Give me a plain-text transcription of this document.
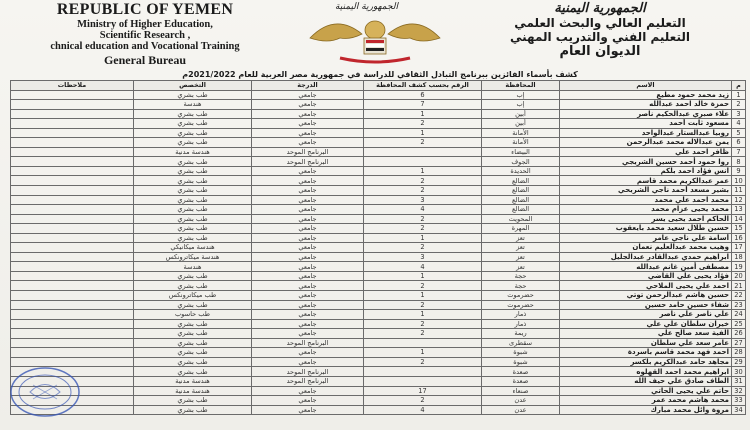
REPUBLIC OF YEMEN
Ministry of Higher Education,
Scientific Research ,
chnical education and Vocational Training
General Bureau
الجمهورية اليمنية	الجمهورية اليمنية
التعليم العالي والبحث العلمي
التعليم الفني والتدريب المهني
الديوان العام
كشف بأسماء الفائزين ببرنامج التبادل الثقافي للدراسة في جمهورية مصر العربية للعام 2021/2022م
م	الاسم	المحافظة	الرقم بحسب كشف المحافظة	الدرجة	التخصص	ملاحظات
1	زيد محمد حمود مطيع	إب	6	جامعي	طب بشري	
2	حمزة خالد احمد عبدالله	إب	7	جامعي	هندسة	
3	علاء صبري عبدالحكيم ناصر	أبين	1	جامعي	طب بشري	
4	مسعود ثابت أحمد	أبين	2	جامعي	طب بشري	
5	روبيا عبدالستار عبدالواحد	الأمانة	1	جامعي	طب بشري	
6	يمن عبدالاله محمد عبدالرحمن	الأمانة	2	جامعي	طب بشري	
7	ظافر احمد علي	البيضاء		البرنامج الموحد	هندسة مدنية	
8	روا حمود أحمد حسين الشريجي	الجوف		البرنامج الموحد	طب بشري	
9	انس فؤاد احمد بلكم	الحديدة	1	جامعي	طب بشري	
10	عمر عبدالكريم محمد قاسم	الضالع	2	جامعي	طب بشري	
11	بشير مسعد أحمد ناجي الشريحي	الضالع	2	جامعي	طب بشري	
12	محمد احمد علي محمد	الضالع	3	جامعي	طب بشري	
13	محمد يحيى عزام محمد	الضالع	4	جامعي	طب بشري	
14	الحاكم احمد يحيى يسر	المحويت	2	جامعي	طب بشري	
15	حسين طلال سعيد محمد بايعقوب	المهرة	2	جامعي	طب بشري	
16	أسامة علي ناجي عامر	تعز	1	جامعي	طب بشري	
17	وهيب محمد عبدالعليم نعمان	تعز	2	جامعي	هندسة ميكانيكي	
18	ابراهيم حمدي عبدالقادر عبدالجليل	تعز	3	جامعي	هندسة ميكاترونكس	
19	مصطفى أمين غانم عبدالله	تعز	4	جامعي	هندسة	
20	فؤاد يحيى علي القاضي	حجة	1	جامعي	طب بشري	
21	احمد علي يحيى الملاحي	حجة	2	جامعي	طب بشري	
22	حسين هاشم عبدالرحمن توتي	حضرموت	1	جامعي	طب ميكاترونكس	
23	شفاء حسين حامد حسين	حضرموت	2	جامعي	طب بشري	
24	علي ناصر علي ناصر	ذمار	1	جامعي	طب حاسوب	
25	خيران سلطان علي علي	ذمار	2	جامعي	طب بشري	
26	الفية سعد صالح علي	ريمة	2	جامعي	طب بشري	
27	عامر سعد علي سلطان	سقطرى		البرنامج الموحد	طب بشري	
28	احمد فهد محمد قاسم باسردة	شبوة	1	جامعي	طب بشري	
29	مجاهد حامد عبدالكريم بلكسر	شبوة	2	جامعي	طب بشري	
30	ابراهيم محمد احمد القهلوه	صعدة		البرنامج الموحد	طب بشري	
31	الطاف صادق علي حيف الله	صعدة		البرنامج الموحد	هندسة مدنية	
32	حاتم علي يحيى الحاتي	صنعاء	17	جامعي	هندسة مدنية	
33	محمد هاشم محمد عمر	عدن	2	جامعي	طب بشري	
34	مروة وائل محمد مبارك	عدن	4	جامعي	طب بشري	
